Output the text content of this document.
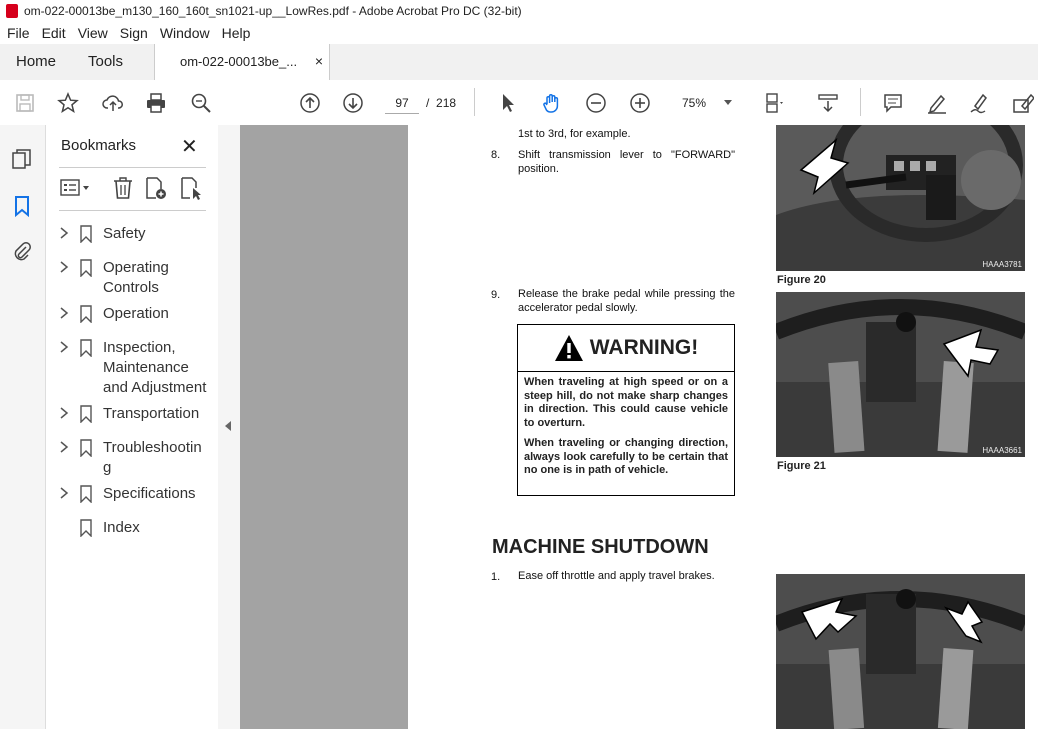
om-022-00013be_m130_160_160t_sn1021-up__LowRes.pdf - Adobe Acrobat Pro DC (32-bit)
File Edit View Sign Window Help
Home Tools	om-022-00013be_... ×
97	/ 218	75%
Bookmarks ✕
Safety
Operating Controls
Operation
Inspection, Maintenance and Adjustment
Transportation
Troubleshooting
Specifications
Index
1st to 3rd, for example.
8. Shift transmission lever to "FORWARD" position.
9. Release the brake pedal while pressing the accelerator pedal slowly.
WARNING!

When traveling at high speed or on a steep hill, do not make sharp changes in direction. This could cause vehicle to overturn.

When traveling or changing direction, always look carefully to be certain that no one is in path of vehicle.

MACHINE SHUTDOWN
1. Ease off throttle and apply travel brakes.
HAAA3781
Figure 20
HAAA3661
Figure 21
